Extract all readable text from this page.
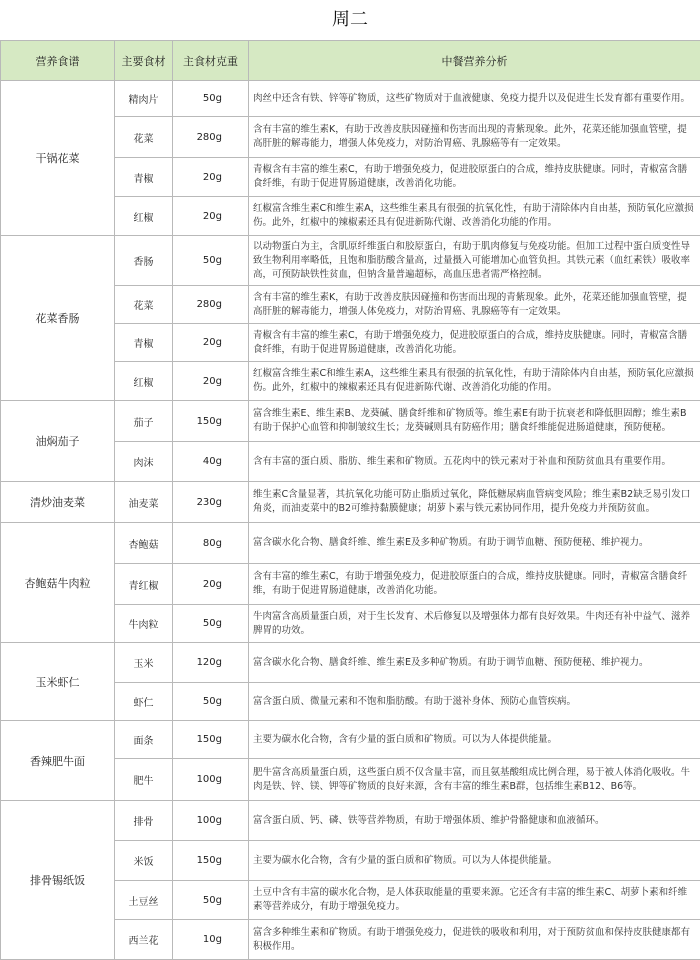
周二
营养食谱	主要食材	主食材克重	中餐营养分析
干锅花菜	精肉片	50g	肉丝中还含有铁、锌等矿物质，这些矿物质对于血液健康、免疫力提升以及促进生长发育都有重要作用。
	花菜	280g	含有丰富的维生素K，有助于改善皮肤因碰撞和伤害而出现的青紫现象。此外，花菜还能加强血管壁，提高肝脏的解毒能力，增强人体免疫力，对防治胃癌、乳腺癌等有一定效果。
	青椒	20g	青椒含有丰富的维生素C，有助于增强免疫力，促进胶原蛋白的合成，维持皮肤健康。同时，青椒富含膳食纤维，有助于促进胃肠道健康，改善消化功能。
	红椒	20g	红椒富含维生素C和维生素A，这些维生素具有很强的抗氧化性，有助于清除体内自由基，预防氧化应激损伤。此外，红椒中的辣椒素还具有促进新陈代谢、改善消化功能的作用。
花菜香肠	香肠	50g	以动物蛋白为主，含肌原纤维蛋白和胶原蛋白，有助于肌肉修复与免疫功能。但加工过程中蛋白质变性导致生物利用率略低，且饱和脂肪酸含量高，过量摄入可能增加心血管负担。其铁元素（血红素铁）吸收率高，可预防缺铁性贫血，但钠含量普遍超标，高血压患者需严格控制。
	花菜	280g	含有丰富的维生素K，有助于改善皮肤因碰撞和伤害而出现的青紫现象。此外，花菜还能加强血管壁，提高肝脏的解毒能力，增强人体免疫力，对防治胃癌、乳腺癌等有一定效果。
	青椒	20g	青椒含有丰富的维生素C，有助于增强免疫力，促进胶原蛋白的合成，维持皮肤健康。同时，青椒富含膳食纤维，有助于促进胃肠道健康，改善消化功能。
	红椒	20g	红椒富含维生素C和维生素A，这些维生素具有很强的抗氧化性，有助于清除体内自由基，预防氧化应激损伤。此外，红椒中的辣椒素还具有促进新陈代谢、改善消化功能的作用。
油焖茄子	茄子	150g	富含维生素E、维生素B、龙葵碱、膳食纤维和矿物质等。维生素E有助于抗衰老和降低胆固醇；维生素B有助于保护心血管和抑制皱纹生长；龙葵碱则具有防癌作用；膳食纤维能促进肠道健康，预防便秘。
	肉沫	40g	含有丰富的蛋白质、脂肪、维生素和矿物质。五花肉中的铁元素对于补血和预防贫血具有重要作用。
清炒油麦菜	油麦菜	230g	维生素C含量显著，其抗氧化功能可防止脂质过氧化，降低糖尿病血管病变风险；维生素B2缺乏易引发口角炎，而油麦菜中的B2可维持黏膜健康；胡萝卜素与铁元素协同作用，提升免疫力并预防贫血。
杏鲍菇牛肉粒	杏鲍菇	80g	富含碳水化合物、膳食纤维、维生素E及多种矿物质。有助于调节血糖、预防便秘、维护视力。
	青红椒	20g	含有丰富的维生素C，有助于增强免疫力，促进胶原蛋白的合成，维持皮肤健康。同时，青椒富含膳食纤维，有助于促进胃肠道健康，改善消化功能。
	牛肉粒	50g	牛肉富含高质量蛋白质，对于生长发育、术后修复以及增强体力都有良好效果。牛肉还有补中益气、滋养脾胃的功效。
玉米虾仁	玉米	120g	富含碳水化合物、膳食纤维、维生素E及多种矿物质。有助于调节血糖、预防便秘、维护视力。
	虾仁	50g	富含蛋白质、微量元素和不饱和脂肪酸。有助于滋补身体、预防心血管疾病。
香辣肥牛面	面条	150g	主要为碳水化合物，含有少量的蛋白质和矿物质。可以为人体提供能量。
	肥牛	100g	肥牛富含高质量蛋白质，这些蛋白质不仅含量丰富，而且氨基酸组成比例合理，易于被人体消化吸收。牛肉是铁、锌、镁、钾等矿物质的良好来源，含有丰富的维生素B群，包括维生素B12、B6等。
排骨锡纸饭	排骨	100g	富含蛋白质、钙、磷、铁等营养物质，有助于增强体质、维护骨骼健康和血液循环。
	米饭	150g	主要为碳水化合物，含有少量的蛋白质和矿物质。可以为人体提供能量。
	土豆丝	50g	土豆中含有丰富的碳水化合物，是人体获取能量的重要来源。它还含有丰富的维生素C、胡萝卜素和纤维素等营养成分，有助于增强免疫力。
	西兰花	10g	富含多种维生素和矿物质。有助于增强免疫力，促进铁的吸收和利用，对于预防贫血和保持皮肤健康都有积极作用。
